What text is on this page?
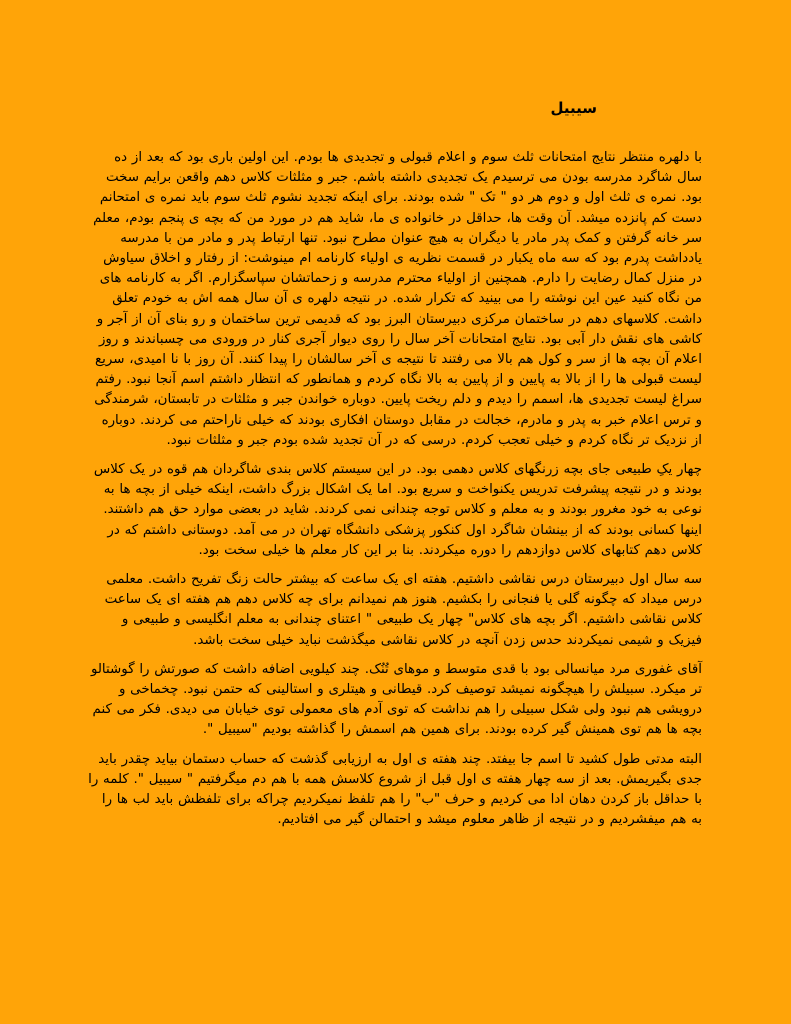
سیبیل

با دلهره منتظر نتایج امتحانات ثلث سوم و اعلام قبولی و تجدیدی ها بودم. این اولین باری بود که بعد از ده سال شاگرد مدرسه بودن می ترسیدم یک تجدیدی داشته باشم. جبر و مثلثات کلاس دهم واقعن برایم سخت بود. نمره ی ثلث اول و دوم هر دو " تک " شده بودند. برای اینکه تجدید نشوم ثلث سوم باید نمره ی امتحانم دست کم پانزده میشد. آن وقت ها، حداقل در خانواده ی ما، شاید هم در مورد من که بچه ی پنجم بودم، معلم سر خانه گرفتن و کمک پدر مادر یا دیگران به هیچ عنوان مطرح نبود. تنها ارتباط پدر و مادر من با مدرسه یادداشت پدرم بود که سه ماه یکبار در قسمت نظریه ی اولیاء کارنامه ام مینوشت: از رفتار و اخلاق سیاوش در منزل کمال رضایت را دارم. همچنین از اولیاء محترم مدرسه و زحماتشان سپاسگزارم. اگر به کارنامه های من نگاه کنید عین این نوشته را می بینید که تکرار شده. در نتیجه دلهره ی آن سال همه اش به خودم تعلق داشت. کلاسهای دهم در ساختمان مرکزی دبیرستان البرز بود که قدیمی ترین ساختمان و رو بنای آن از آجر و کاشی های نقش دار آبی بود. نتایج امتحانات آخر سال را روی دیوار آجری کنار در ورودی می چسباندند و روز اعلام آن بچه ها از سر و کول هم بالا می رفتند تا نتیجه ی آخر سالشان را پیدا کنند. آن روز با نا امیدی، سریع لیست قبولی ها را از بالا به پایین و از پایین به بالا نگاه کردم و همانطور که انتظار داشتم اسم آنجا نبود. رفتم سراغ لیست تجدیدی ها، اسمم را دیدم و دلم ریخت پایین. دوباره خواندن جبر و مثلثات در تابستان، شرمندگی و ترس اعلام خبر به پدر و مادرم، خجالت در مقابل دوستان افکاری بودند که خیلی ناراحتم می کردند. دوباره از نزدیک تر نگاه کردم و خیلی تعجب کردم. درسی که در آن تجدید شده بودم جبر و مثلثات نبود.

چهار یکِ طبیعی جای بچه زرنگهای کلاس دهمی بود. در این سیستم کلاس بندی شاگردان هم قوه در یک کلاس بودند و در نتیجه پیشرفت تدریس یکنواخت و سریع بود. اما یک اشکال بزرگ داشت، اینکه خیلی از بچه ها به نوعی به خود مغرور بودند و به معلم و کلاس توجه چندانی نمی کردند. شاید در بعضی موارد حق هم داشتند. اینها کسانی بودند که از بینشان شاگرد اول کنکور پزشکی دانشگاه تهران در می آمد. دوستانی داشتم که در کلاس دهم کتابهای کلاس دوازدهم را دوره میکردند. بنا بر این کار معلم ها خیلی سخت بود.

سه سال اول دبیرستان درس نقاشی داشتیم. هفته ای یک ساعت که بیشتر حالت زنگ تفریح داشت. معلمی درس میداد که چگونه گلی یا فنجانی را بکشیم. هنوز هم نمیدانم برای چه کلاس دهم هم هفته ای یک ساعت کلاس نقاشی داشتیم. اگر بچه های کلاس" چهار یک طبیعی " اعتنای چندانی به معلم انگلیسی و طبیعی و فیزیک و شیمی نمیکردند حدس زدن آنچه در کلاس نقاشی میگذشت نباید خیلی سخت باشد.

آقای غفوری مرد میانسالی بود با قدی متوسط و موهای تُنُک. چند کیلویی اضافه داشت که صورتش را گوشتالو تر میکرد. سبیلش را هیچگونه نمیشد توصیف کرد. قیطانی و هیتلری و استالینی که حتمن نبود. چخماخی و درویشی هم نبود ولی شکل سبیلی را هم نداشت که توی آدم های معمولی توی خیابان می دیدی. فکر می کنم بچه ها هم توی همینش گیر کرده بودند. برای همین هم اسمش را گذاشته بودیم "سیبیل ".

البته مدتی طول کشید تا اسم جا بیفتد. چند هفته ی اول به ارزیابی گذشت که حساب دستمان بیاید چقدر باید جدی بگیریمش. بعد از سه چهار هفته ی اول قبل از شروع کلاسش همه با هم دم میگرفتیم " سیبیل ". کلمه را با حداقل باز کردن دهان ادا می کردیم و حرف "ب" را هم تلفظ نمیکردیم چراکه برای تلفظش باید لب ها را به هم میفشردیم و در نتیجه از ظاهر معلوم میشد و احتمالن گیر می افتادیم.
